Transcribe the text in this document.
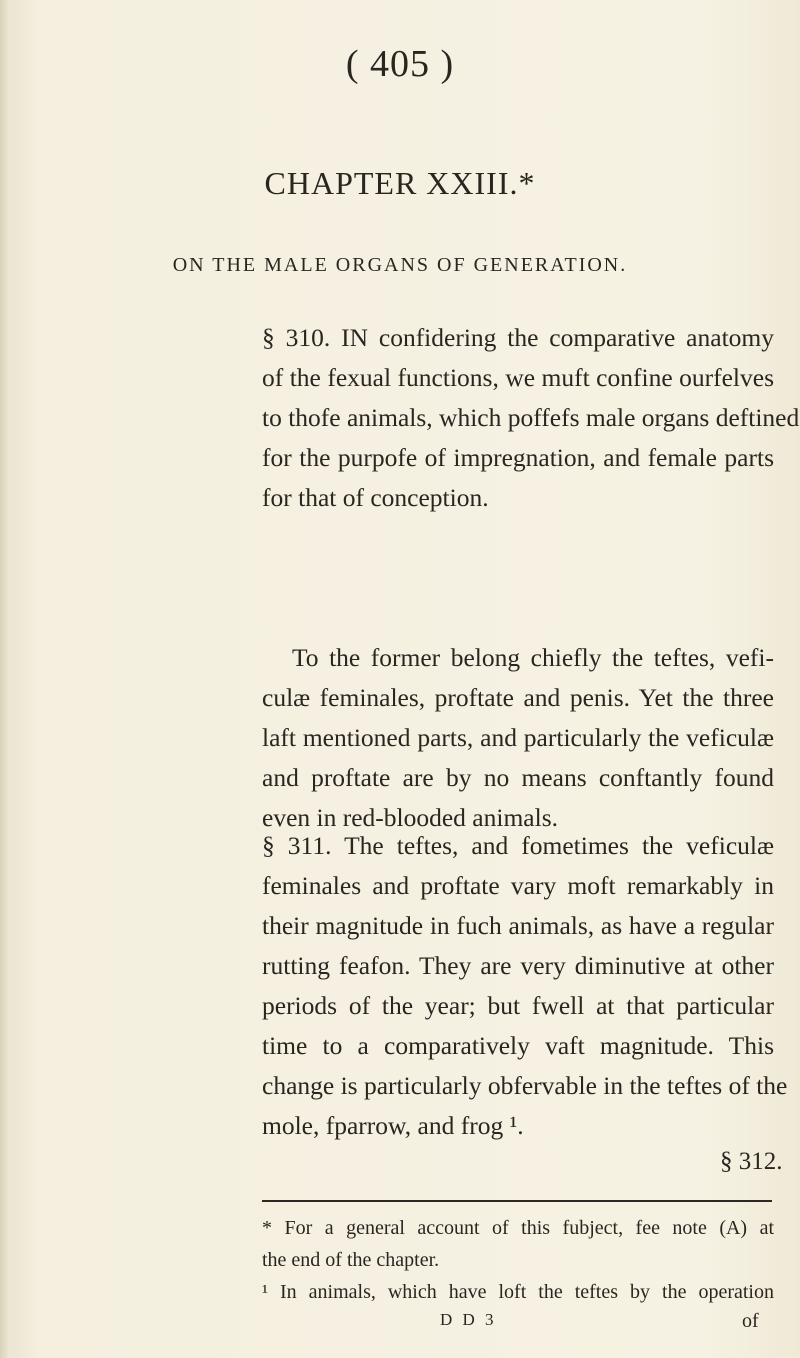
( 405 )
CHAPTER XXIII.*
ON THE MALE ORGANS OF GENERATION.
§ 310. IN confidering the comparative anatomy
of the fexual functions, we muft confine ourfelves
to thofe animals, which poffefs male organs deftined
for the purpofe of impregnation, and female parts
for that of conception.
To the former belong chiefly the teftes, vefi-
culæ feminales, proftate and penis. Yet the three
laft mentioned parts, and particularly the veficulæ
and proftate are by no means conftantly found
even in red-blooded animals.
§ 311. The teftes, and fometimes the veficulæ
feminales and proftate vary moft remarkably in
their magnitude in fuch animals, as have a regular
rutting feafon. They are very diminutive at other
periods of the year; but fwell at that particular
time to a comparatively vaft magnitude. This
change is particularly obfervable in the teftes of the
mole, fparrow, and frog ¹.
§ 312.
* For a general account of this fubject, fee note (A) at
the end of the chapter.
¹ In animals, which have loft the teftes by the operation
D D 3	of
